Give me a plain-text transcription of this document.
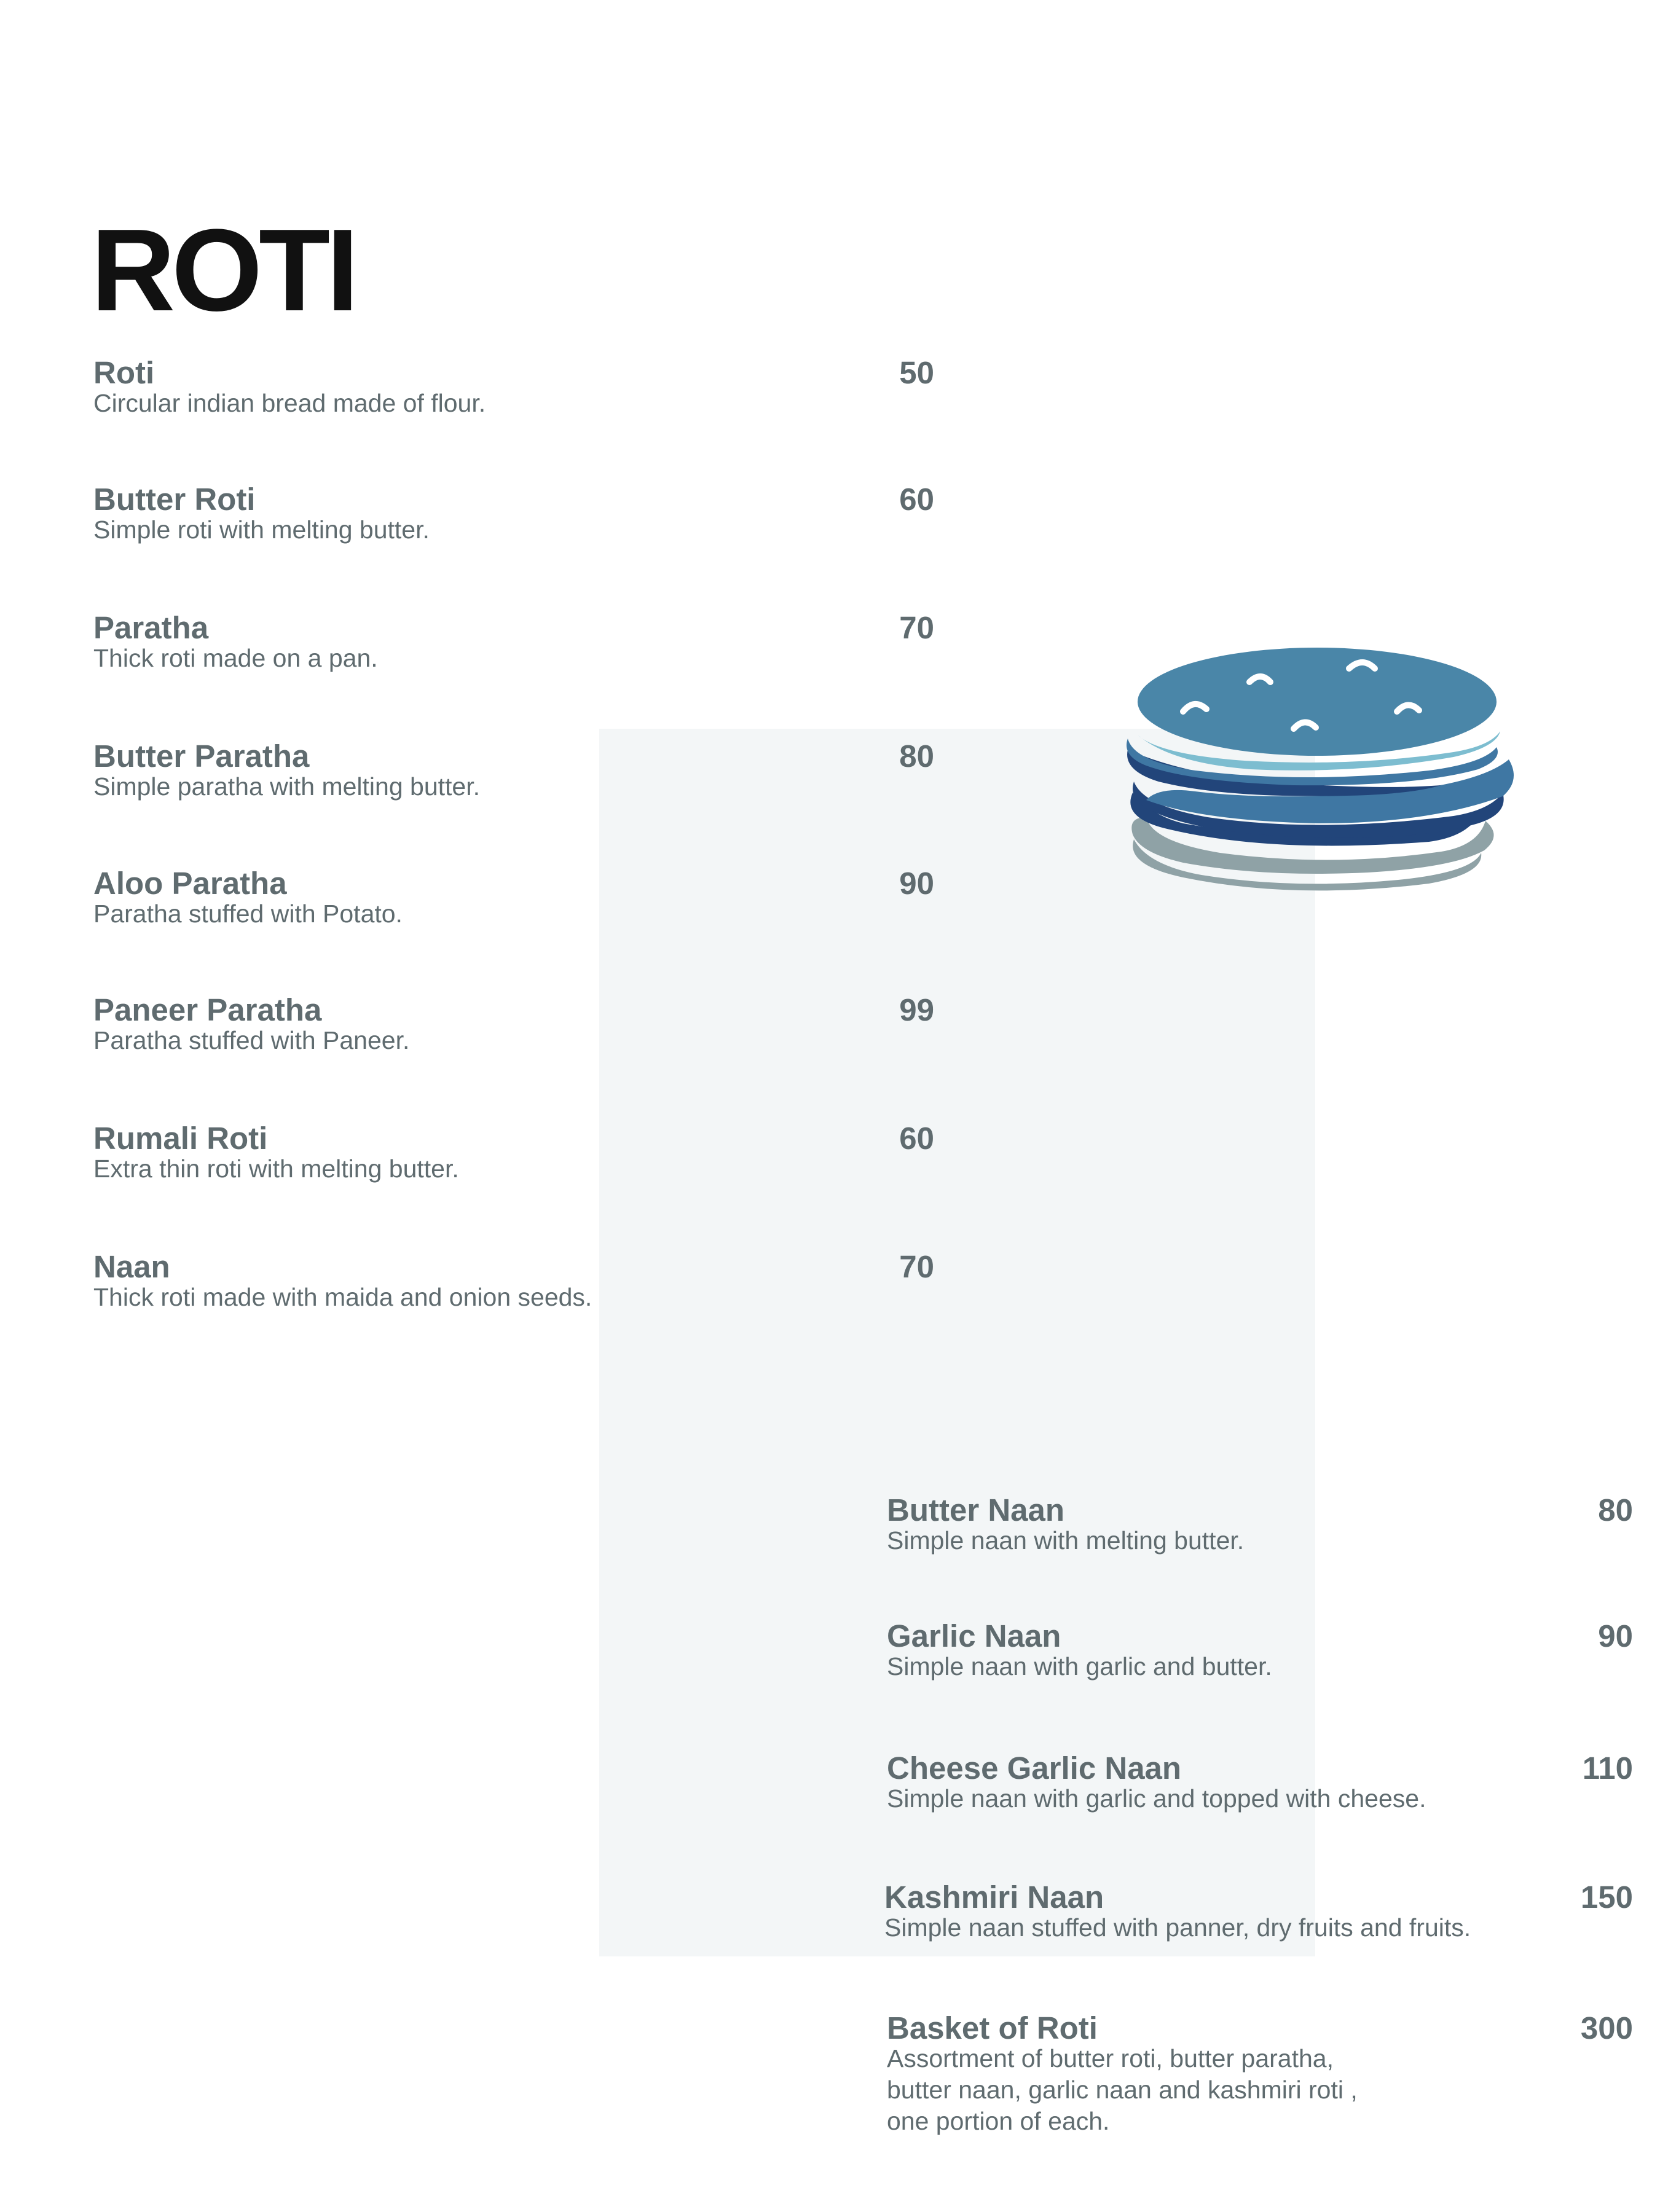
ROTI
Roti
Circular indian bread made of flour.
50
Butter Roti
Simple roti with melting butter.
60
Paratha
Thick roti made on a pan.
70
Butter Paratha
Simple paratha with melting butter.
80
Aloo Paratha
Paratha stuffed with Potato.
90
Paneer Paratha
Paratha stuffed with Paneer.
99
Rumali Roti
Extra thin roti with melting butter.
60
Naan
Thick roti made with maida and onion seeds.
70
Butter Naan
Simple naan with melting butter.
80
Garlic Naan
Simple naan with garlic and butter.
90
Cheese Garlic Naan
Simple naan with garlic and topped with cheese.
110
Kashmiri Naan
Simple naan stuffed with panner, dry fruits and fruits.
150
Basket of Roti
Assortment of butter roti, butter paratha,
butter naan, garlic naan and kashmiri roti ,
one portion of each.
300
